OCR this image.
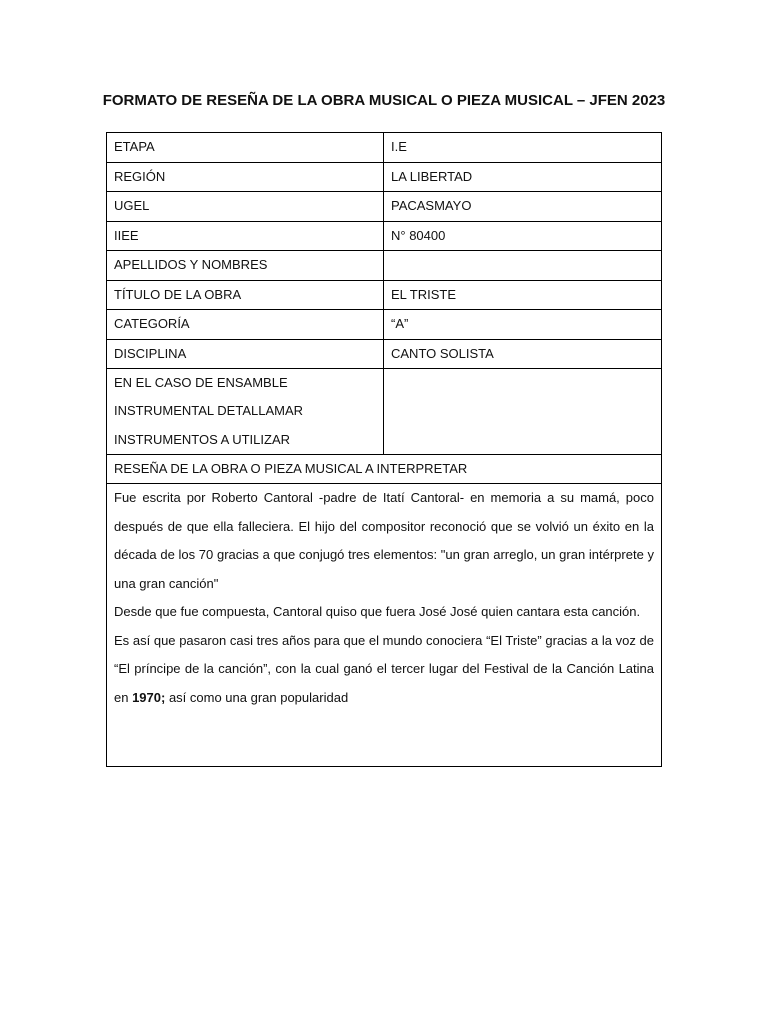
FORMATO DE RESEÑA DE LA OBRA MUSICAL O PIEZA MUSICAL – JFEN 2023
ETAPA	I.E
REGIÓN	LA LIBERTAD
UGEL	PACASMAYO
IIEE	N° 80400
APELLIDOS Y NOMBRES	
TÍTULO DE LA OBRA	EL TRISTE
CATEGORÍA	“A”
DISCIPLINA	CANTO SOLISTA

EN EL CASO DE ENSAMBLE
INSTRUMENTAL DETALLAMAR
INSTRUMENTOS A UTILIZAR	

RESEÑA DE LA OBRA O PIEZA MUSICAL A INTERPRETAR	

Fue escrita por Roberto Cantoral -padre de Itatí Cantoral- en memoria a su mamá, poco después de que ella falleciera. El hijo del compositor reconoció que se volvió un éxito en la década de los 70 gracias a que conjugó tres elementos: "un gran arreglo, un gran intérprete y una gran canción"

Desde que fue compuesta, Cantoral quiso que fuera José José quien cantara esta canción.

Es así que pasaron casi tres años para que el mundo conociera “El Triste” gracias a la voz de “El príncipe de la canción”, con la cual ganó el tercer lugar del Festival de la Canción Latina en 1970; así como una gran popularidad	
